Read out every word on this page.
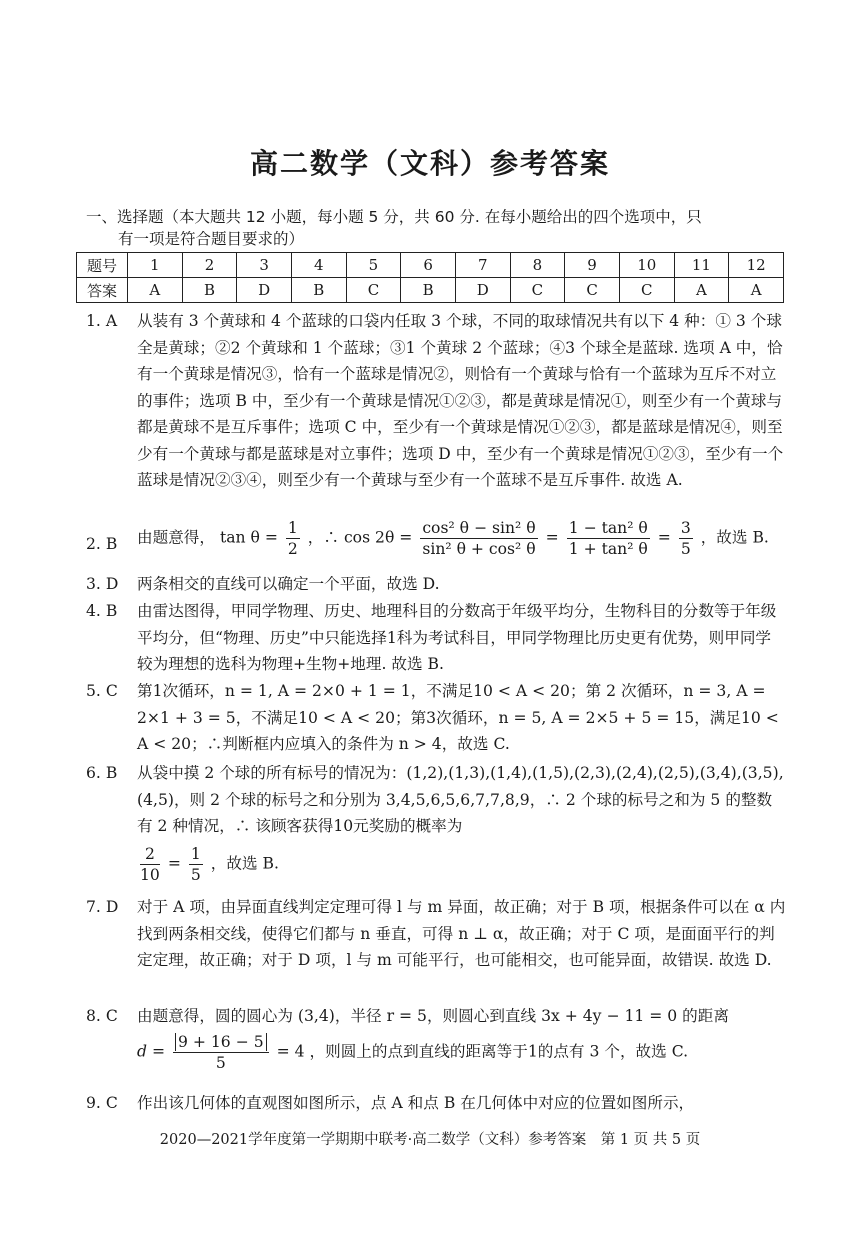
高二数学（文科）参考答案
一、选择题（本大题共 12 小题，每小题 5 分，共 60 分. 在每小题给出的四个选项中，只
有一项是符合题目要求的）
题号	1	2	3	4	5	6	7	8	9	10	11	12
答案	A	B	D	B	C	B	D	C	C	C	A	A
1. A	从装有 3 个黄球和 4 个蓝球的口袋内任取 3 个球，不同的取球情况共有以下 4 种：① 3 个球全是黄球；②2 个黄球和 1 个蓝球；③1 个黄球 2 个蓝球；④3 个球全是蓝球. 选项 A 中，恰有一个黄球是情况③，恰有一个蓝球是情况②，则恰有一个黄球与恰有一个蓝球为互斥不对立的事件；选项 B 中，至少有一个黄球是情况①②③，都是黄球是情况①，则至少有一个黄球与都是黄球不是互斥事件；选项 C 中，至少有一个黄球是情况①②③，都是蓝球是情况④，则至少有一个黄球与都是蓝球是对立事件；选项 D 中，至少有一个黄球是情况①②③，至少有一个蓝球是情况②③④，则至少有一个黄球与至少有一个蓝球不是互斥事件. 故选 A.
2. B	由题意得， $\tan \theta = \frac{1}{2}$ ，∴ $\cos 2\theta = \frac{\text{cos² θ − sin² θ}}{\text{sin² θ + cos² θ}} = \frac{\text{1 − tan² θ}}{\text{1 + tan² θ}} = \frac{3}{5}$ ，故选 B.
3. D	两条相交的直线可以确定一个平面，故选 D.
4. B	由雷达图得，甲同学物理、历史、地理科目的分数高于年级平均分，生物科目的分数等于年级平均分，但“物理、历史”中只能选择1科为考试科目，甲同学物理比历史更有优势，则甲同学较为理想的选科为物理+生物+地理. 故选 B.
5. C	第1次循环，n = 1, A = 2×0 + 1 = 1，不满足10 < A < 20；第 2 次循环，n = 3, A = 2×1 + 3 = 5，不满足10 < A < 20；第3次循环，n = 5, A = 2×5 + 5 = 15，满足10 < A < 20；∴判断框内应填入的条件为 n > 4，故选 C.
6. B	从袋中摸 2 个球的所有标号的情况为：(1,2),(1,3),(1,4),(1,5),(2,3),(2,4),(2,5),(3,4),(3,5),(4,5)，则 2 个球的标号之和分别为 3,4,5,6,5,6,7,7,8,9，∴ 2 个球的标号之和为 5 的整数有 2 种情况，∴ 该顾客获得10元奖励的概率为
$\frac{2}{10} = \frac{1}{5}$ ，故选 B.
7. D	对于 A 项，由异面直线判定定理可得 l 与 m 异面，故正确；对于 B 项，根据条件可以在 α 内找到两条相交线，使得它们都与 n 垂直，可得 n ⊥ α，故正确；对于 C 项，是面面平行的判定定理，故正确；对于 D 项，l 与 m 可能平行，也可能相交，也可能异面，故错误. 故选 D.
8. C	由题意得，圆的圆心为 (3,4)，半径 r = 5，则圆心到直线 3x + 4y − 11 = 0 的距离
$d = \frac{9 + 16 - 5}{5} = 4$ ，则圆上的点到直线的距离等于1的点有 3 个，故选 C.
9. C	作出该几何体的直观图如图所示，点 A 和点 B 在几何体中对应的位置如图所示，
2020—2021学年度第一学期期中联考·高二数学（文科）参考答案　第 1 页 共 5 页
